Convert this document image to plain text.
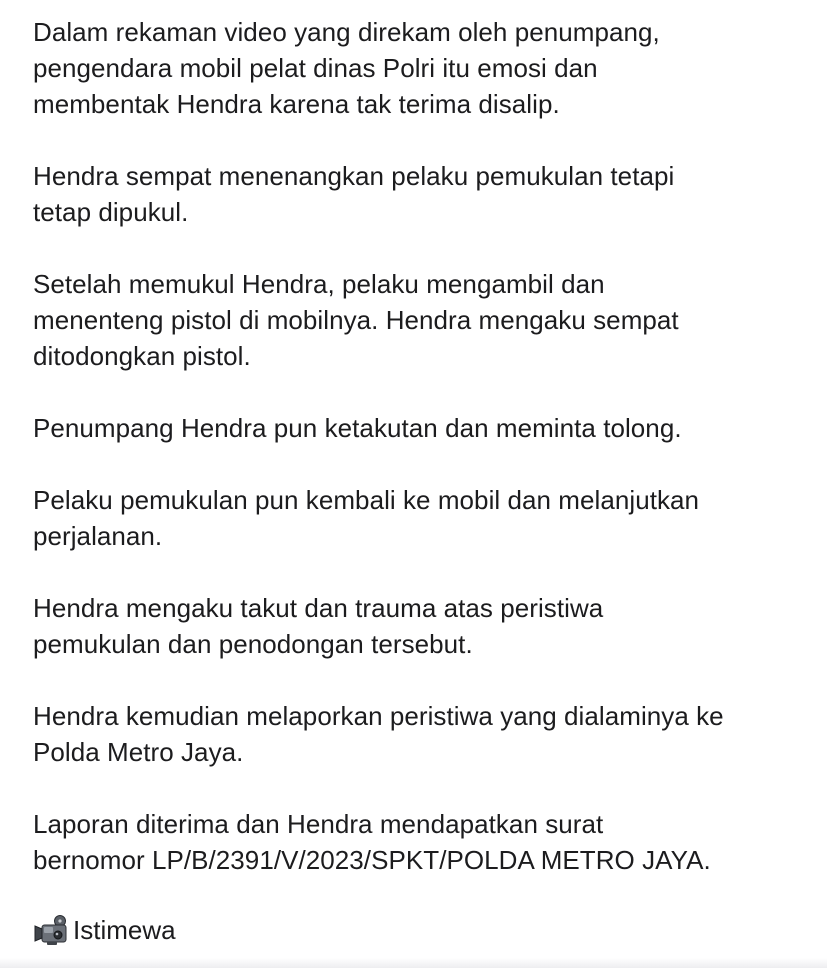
Dalam rekaman video yang direkam oleh penumpang,
pengendara mobil pelat dinas Polri itu emosi dan
membentak Hendra karena tak terima disalip.

Hendra sempat menenangkan pelaku pemukulan tetapi
tetap dipukul.

Setelah memukul Hendra, pelaku mengambil dan
menenteng pistol di mobilnya. Hendra mengaku sempat
ditodongkan pistol.

Penumpang Hendra pun ketakutan dan meminta tolong.

Pelaku pemukulan pun kembali ke mobil dan melanjutkan
perjalanan.

Hendra mengaku takut dan trauma atas peristiwa
pemukulan dan penodongan tersebut.

Hendra kemudian melaporkan peristiwa yang dialaminya ke
Polda Metro Jaya.

Laporan diterima dan Hendra mendapatkan surat
bernomor LP/B/2391/V/2023/SPKT/POLDA METRO JAYA.

Istimewa
